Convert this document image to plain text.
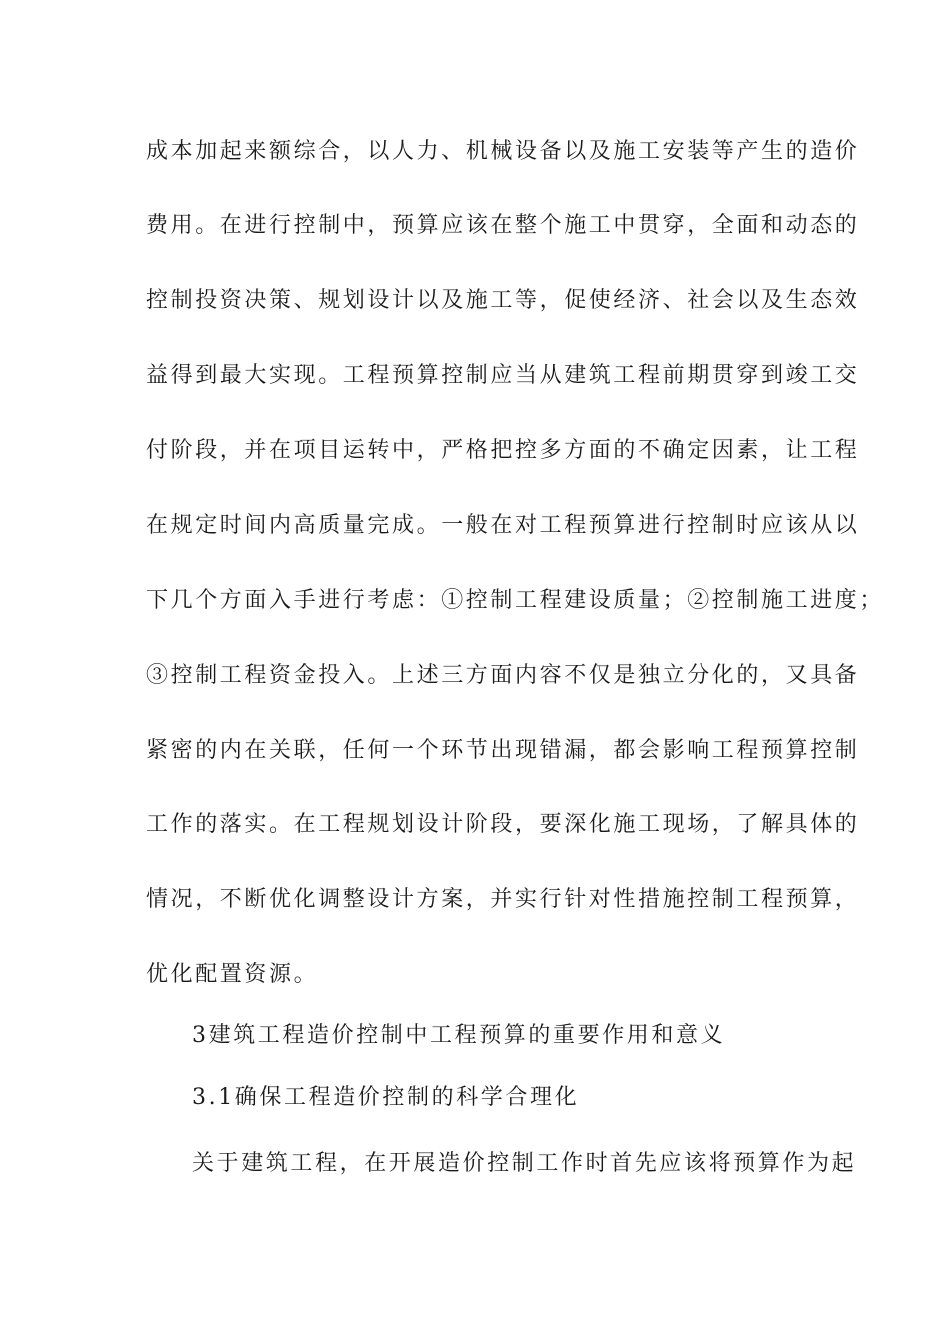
成本加起来额综合，以人力、机械设备以及施工安装等产生的造价
费用。在进行控制中，预算应该在整个施工中贯穿，全面和动态的
控制投资决策、规划设计以及施工等，促使经济、社会以及生态效
益得到最大实现。工程预算控制应当从建筑工程前期贯穿到竣工交
付阶段，并在项目运转中，严格把控多方面的不确定因素，让工程
在规定时间内高质量完成。一般在对工程预算进行控制时应该从以
下几个方面入手进行考虑：①控制工程建设质量；②控制施工进度；
③控制工程资金投入。上述三方面内容不仅是独立分化的，又具备
紧密的内在关联，任何一个环节出现错漏，都会影响工程预算控制
工作的落实。在工程规划设计阶段，要深化施工现场，了解具体的
情况，不断优化调整设计方案，并实行针对性措施控制工程预算，
优化配置资源。
3建筑工程造价控制中工程预算的重要作用和意义
3.1确保工程造价控制的科学合理化
关于建筑工程，在开展造价控制工作时首先应该将预算作为起
